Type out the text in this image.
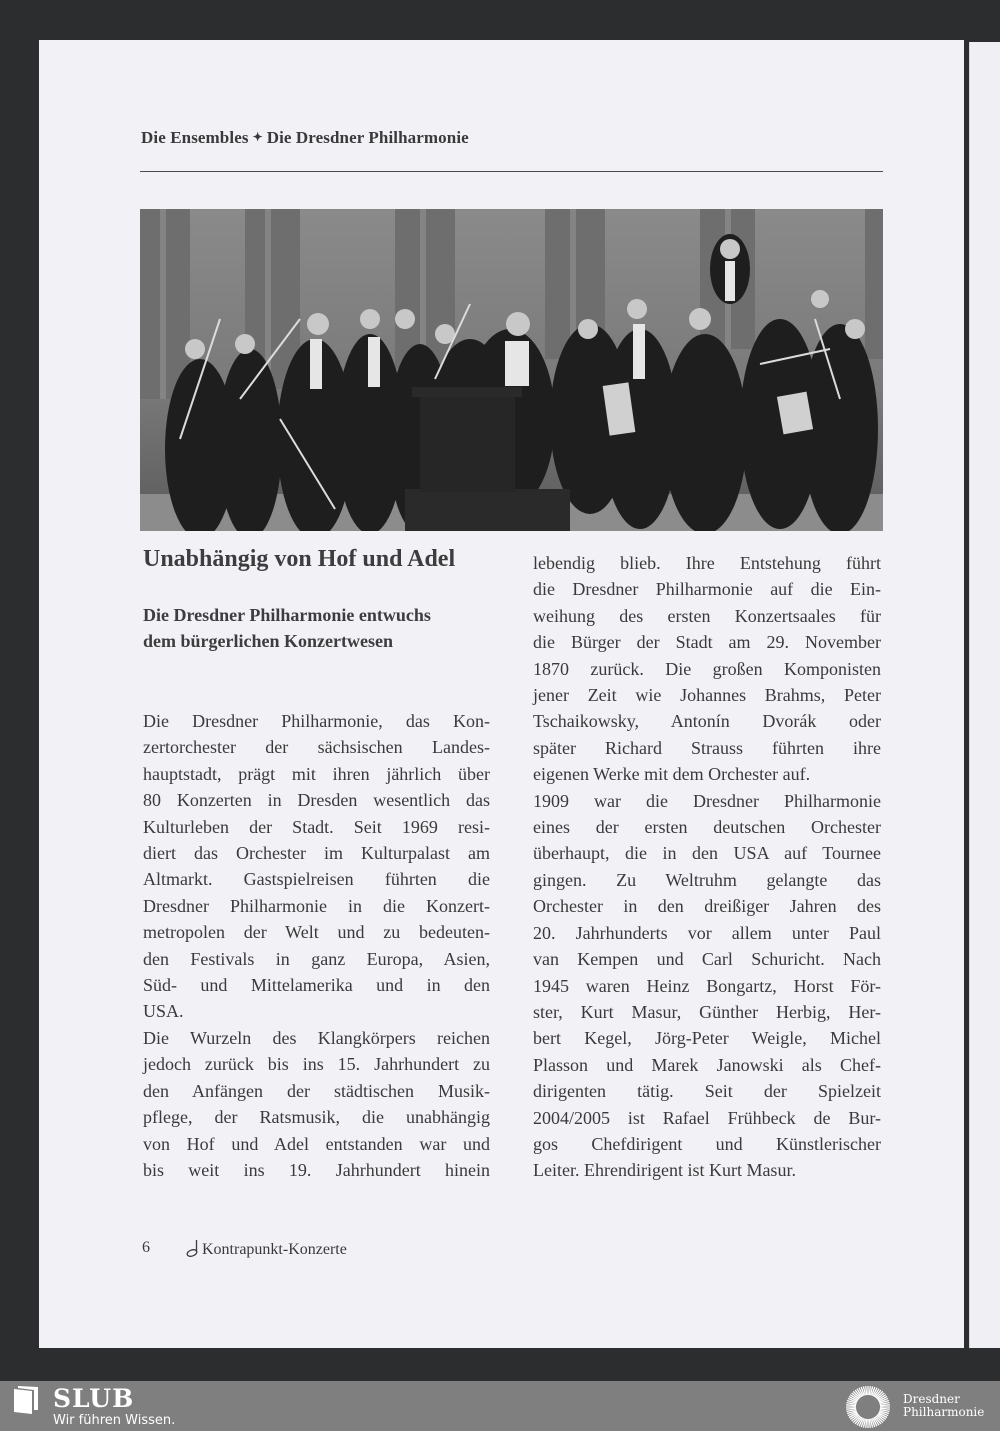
Die Ensembles ✦ Die Dresdner Philharmonie
Unabhängig von Hof und Adel
Die Dresdner Philharmonie entwuchs
dem bürgerlichen Konzertwesen
Die Dresdner Philharmonie, das Kon-
zertorchester der sächsischen Landes-
hauptstadt, prägt mit ihren jährlich über
80 Konzerten in Dresden wesentlich das
Kulturleben der Stadt. Seit 1969 resi-
diert das Orchester im Kulturpalast am
Altmarkt. Gastspielreisen führten die
Dresdner Philharmonie in die Konzert-
metropolen der Welt und zu bedeuten-
den Festivals in ganz Europa, Asien,
Süd- und Mittelamerika und in den
USA.
Die Wurzeln des Klangkörpers reichen
jedoch zurück bis ins 15. Jahrhundert zu
den Anfängen der städtischen Musik-
pflege, der Ratsmusik, die unabhängig
von Hof und Adel entstanden war und
bis weit ins 19. Jahrhundert hinein
lebendig blieb. Ihre Entstehung führt
die Dresdner Philharmonie auf die Ein-
weihung des ersten Konzertsaales für
die Bürger der Stadt am 29. November
1870 zurück. Die großen Komponisten
jener Zeit wie Johannes Brahms, Peter
Tschaikowsky, Antonín Dvorák oder
später Richard Strauss führten ihre
eigenen Werke mit dem Orchester auf.
1909 war die Dresdner Philharmonie
eines der ersten deutschen Orchester
überhaupt, die in den USA auf Tournee
gingen. Zu Weltruhm gelangte das
Orchester in den dreißiger Jahren des
20. Jahrhunderts vor allem unter Paul
van Kempen und Carl Schuricht. Nach
1945 waren Heinz Bongartz, Horst För-
ster, Kurt Masur, Günther Herbig, Her-
bert Kegel, Jörg-Peter Weigle, Michel
Plasson und Marek Janowski als Chef-
dirigenten tätig. Seit der Spielzeit
2004/2005 ist Rafael Frühbeck de Bur-
gos Chefdirigent und Künstlerischer
Leiter. Ehrendirigent ist Kurt Masur.
6	Kontrapunkt-Konzerte
SLUB
Wir führen Wissen.
Dresdner
Philharmonie
